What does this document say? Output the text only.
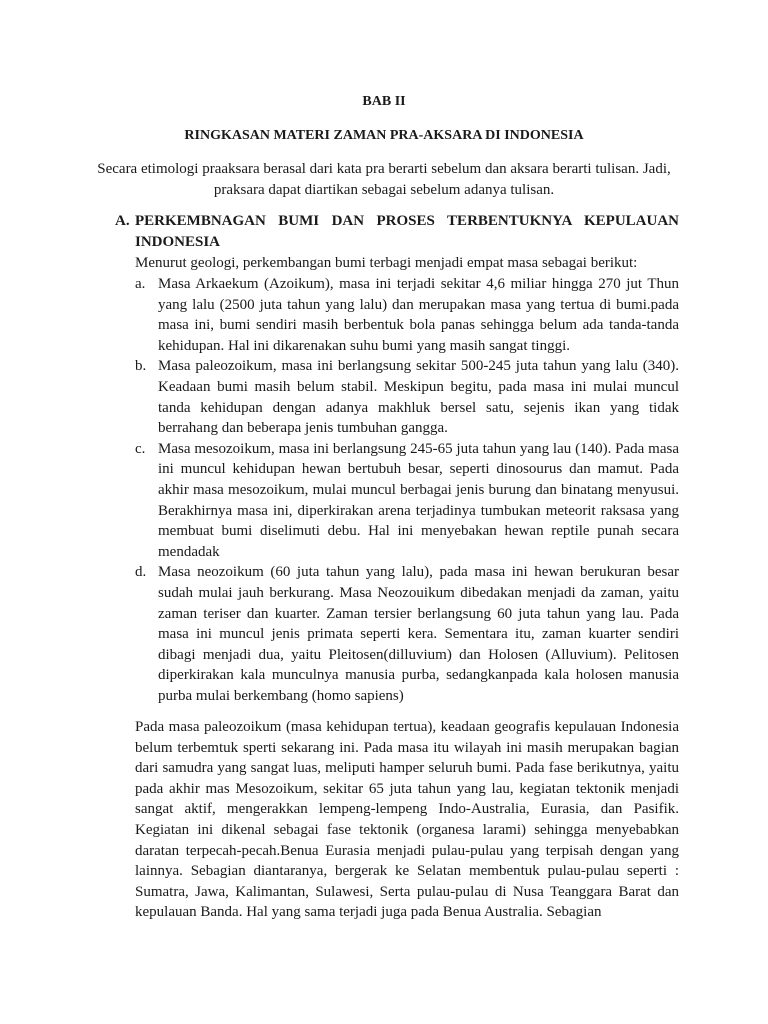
BAB II
RINGKASAN MATERI ZAMAN PRA-AKSARA DI INDONESIA
Secara etimologi praaksara berasal dari kata pra berarti sebelum dan aksara berarti tulisan. Jadi, praksara dapat diartikan sebagai sebelum adanya tulisan.
A. PERKEMBNAGAN BUMI DAN PROSES TERBENTUKNYA KEPULAUAN INDONESIA
Menurut geologi, perkembangan bumi terbagi menjadi empat masa sebagai berikut:
a. Masa Arkaekum (Azoikum), masa ini terjadi sekitar 4,6 miliar hingga 270 jut Thun yang lalu (2500 juta tahun yang lalu) dan merupakan masa yang tertua di bumi.pada masa ini, bumi sendiri masih berbentuk bola panas sehingga belum ada tanda-tanda kehidupan. Hal ini dikarenakan suhu bumi yang masih sangat tinggi.
b. Masa paleozoikum, masa ini berlangsung sekitar 500-245 juta tahun yang lalu (340). Keadaan bumi masih belum stabil. Meskipun begitu, pada masa ini mulai muncul tanda kehidupan dengan adanya makhluk bersel satu, sejenis ikan yang tidak berrahang dan beberapa jenis tumbuhan gangga.
c. Masa mesozoikum, masa ini berlangsung 245-65 juta tahun yang lau (140). Pada masa ini muncul kehidupan hewan bertubuh besar, seperti dinosourus dan mamut. Pada akhir masa mesozoikum, mulai muncul berbagai jenis burung dan binatang menyusui. Berakhirnya masa ini, diperkirakan arena terjadinya tumbukan meteorit raksasa yang membuat bumi diselimuti debu. Hal ini menyebakan hewan reptile punah secara mendadak
d. Masa neozoikum (60 juta tahun yang lalu), pada masa ini hewan berukuran besar sudah mulai jauh berkurang. Masa Neozouikum dibedakan menjadi da zaman, yaitu zaman teriser dan kuarter. Zaman tersier berlangsung 60 juta tahun yang lau. Pada masa ini muncul jenis primata seperti kera. Sementara itu, zaman kuarter sendiri dibagi menjadi dua, yaitu Pleitosen(dilluvium) dan Holosen (Alluvium). Pelitosen diperkirakan kala munculnya manusia purba, sedangkanpada kala holosen manusia purba mulai berkembang (homo sapiens)
Pada masa paleozoikum (masa kehidupan tertua), keadaan geografis kepulauan Indonesia belum terbemtuk sperti sekarang ini. Pada masa itu wilayah ini masih merupakan bagian dari samudra yang sangat luas, meliputi hamper seluruh bumi. Pada fase berikutnya, yaitu pada akhir mas Mesozoikum, sekitar 65 juta tahun yang lau, kegiatan tektonik menjadi sangat aktif, mengerakkan lempeng-lempeng Indo-Australia, Eurasia, dan Pasifik. Kegiatan ini dikenal sebagai fase tektonik (organesa larami) sehingga menyebabkan daratan terpecah-pecah.Benua Eurasia menjadi pulau-pulau yang terpisah dengan yang lainnya. Sebagian diantaranya, bergerak ke Selatan membentuk pulau-pulau seperti : Sumatra, Jawa, Kalimantan, Sulawesi, Serta pulau-pulau di Nusa Teanggara Barat dan kepulauan Banda. Hal yang sama terjadi juga pada Benua Australia. Sebagian
